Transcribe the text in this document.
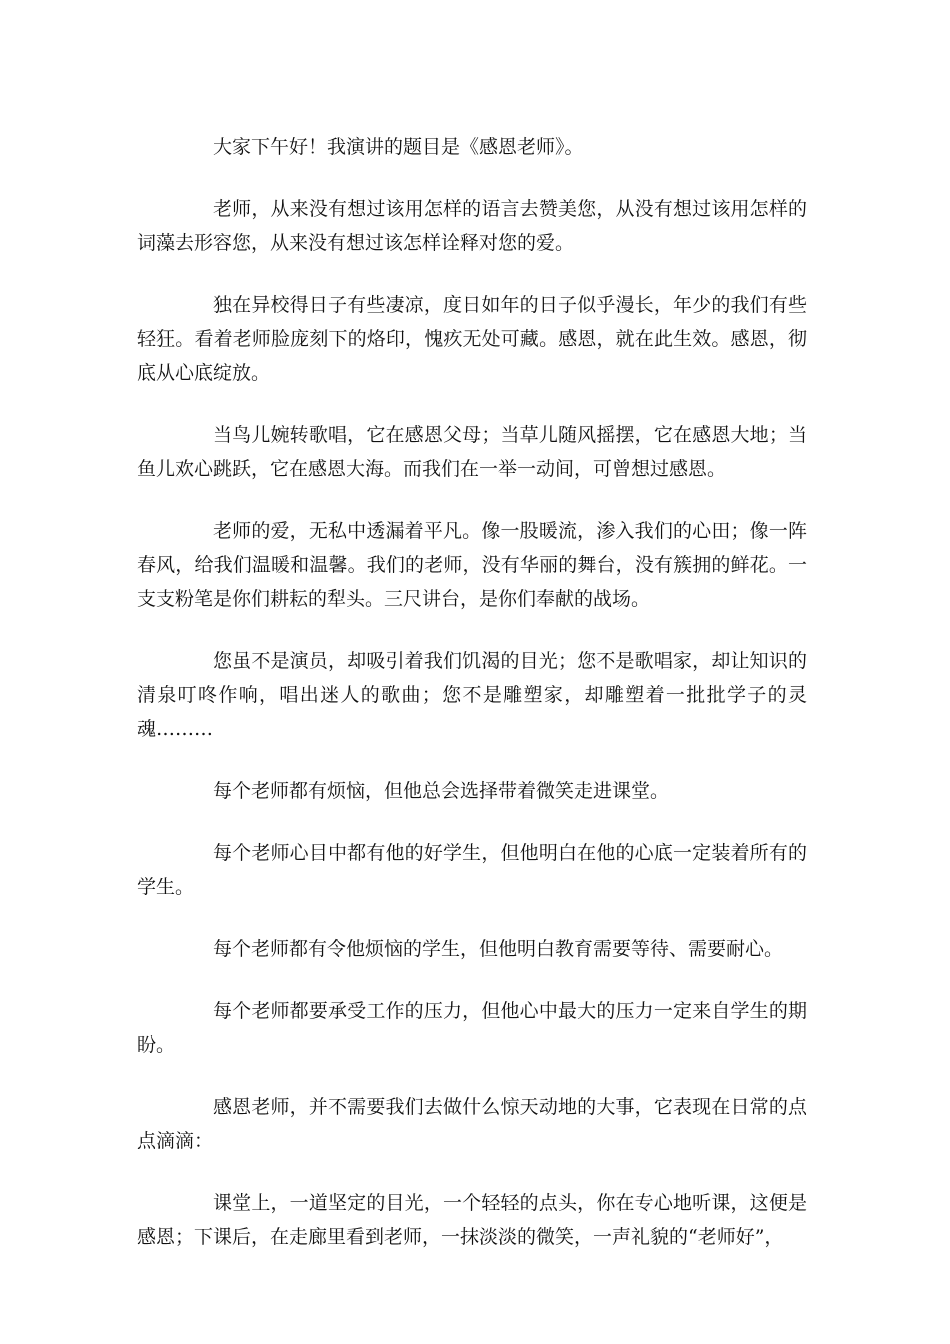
大家下午好！我演讲的题目是《感恩老师》。

老师，从来没有想过该用怎样的语言去赞美您，从没有想过该用怎样的词藻去形容您，从来没有想过该怎样诠释对您的爱。

独在异校得日子有些凄凉，度日如年的日子似乎漫长，年少的我们有些轻狂。看着老师脸庞刻下的烙印，愧疚无处可藏。感恩，就在此生效。感恩，彻底从心底绽放。

当鸟儿婉转歌唱，它在感恩父母；当草儿随风摇摆，它在感恩大地；当鱼儿欢心跳跃，它在感恩大海。而我们在一举一动间，可曾想过感恩。

老师的爱，无私中透漏着平凡。像一股暖流，渗入我们的心田；像一阵春风，给我们温暖和温馨。我们的老师，没有华丽的舞台，没有簇拥的鲜花。一支支粉笔是你们耕耘的犁头。三尺讲台，是你们奉献的战场。

您虽不是演员，却吸引着我们饥渴的目光；您不是歌唱家，却让知识的清泉叮咚作响，唱出迷人的歌曲；您不是雕塑家，却雕塑着一批批学子的灵魂………

每个老师都有烦恼，但他总会选择带着微笑走进课堂。

每个老师心目中都有他的好学生，但他明白在他的心底一定装着所有的学生。

每个老师都有令他烦恼的学生，但他明白教育需要等待、需要耐心。

每个老师都要承受工作的压力，但他心中最大的压力一定来自学生的期盼。

感恩老师，并不需要我们去做什么惊天动地的大事，它表现在日常的点点滴滴：

课堂上，一道坚定的目光，一个轻轻的点头，你在专心地听课，这便是感恩；下课后，在走廊里看到老师，一抹淡淡的微笑，一声礼貌的“老师好”，
